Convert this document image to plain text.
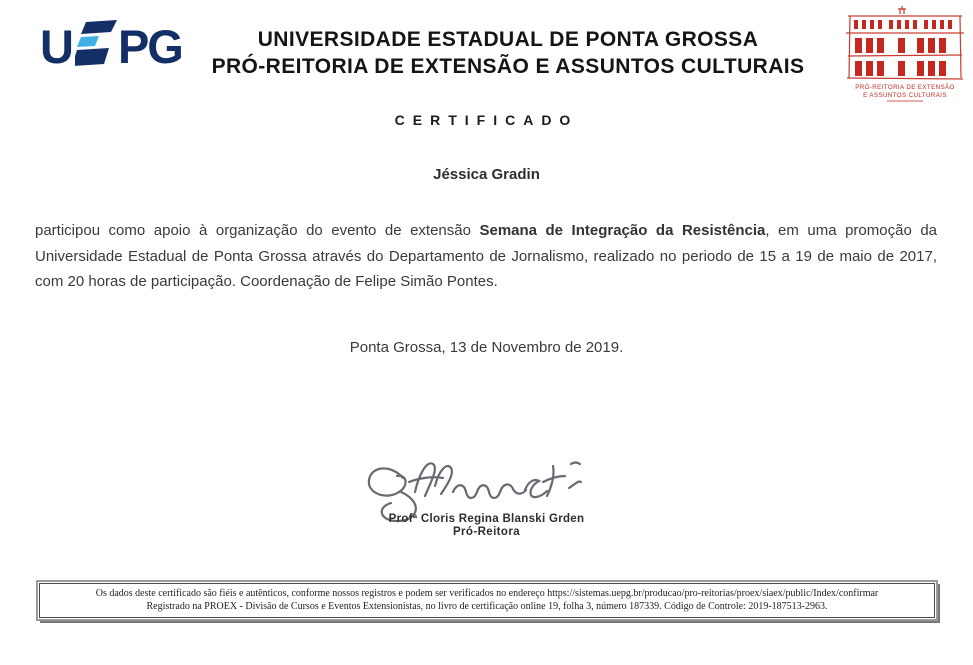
U PG	UNIVERSIDADE ESTADUAL DE PONTA GROSSA
PRÓ-REITORIA DE EXTENSÃO E ASSUNTOS CULTURAIS
PRÓ-REITORIA DE EXTENSÃO
E ASSUNTOS CULTURAIS
CERTIFICADO
Jéssica Gradin
participou como apoio à organização do evento de extensão Semana de Integração da Resistência, em uma promoção da Universidade Estadual de Ponta Grossa através do Departamento de Jornalismo, realizado no periodo de 15 a 19 de maio de 2017, com 20 horas de participação. Coordenação de Felipe Simão Pontes.
Ponta Grossa, 13 de Novembro de 2019.
Profª Cloris Regina Blanski Grden
Pró-Reitora
Os dados deste certificado são fiéis e autênticos, conforme nossos registros e podem ser verificados no endereço https://sistemas.uepg.br/producao/pro-reitorias/proex/siaex/public/Index/confirmar
Registrado na PROEX - Divisão de Cursos e Eventos Extensionistas, no livro de certificação online 19, folha 3, número 187339. Código de Controle: 2019-187513-2963.
